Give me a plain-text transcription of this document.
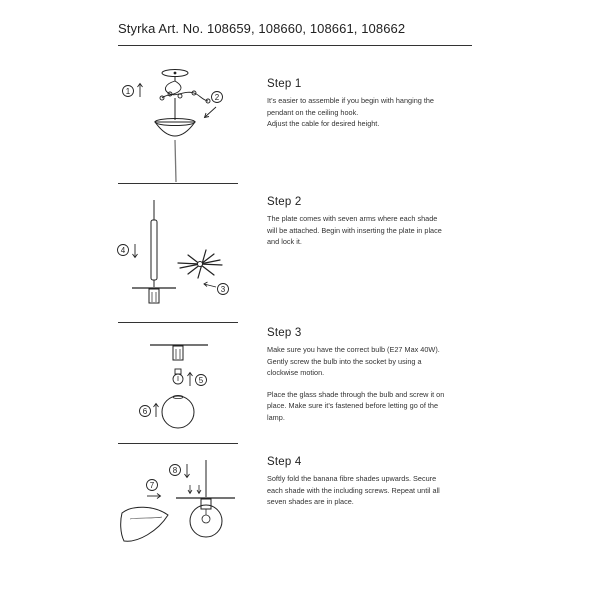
Styrka Art. No. 108659, 108660, 108661, 108662
Step 1

It’s easier to assemble if you begin with hanging the
pendant on the ceiling hook.
Adjust the cable for desired height.

1
2
Step 2

The plate comes with seven arms where each shade
will be attached. Begin with inserting the plate in place
and lock it.

4
3
Step 3

Make sure you have the correct bulb (E27 Max 40W).
Gently screw the bulb into the socket by using a
clockwise motion.

Place the glass shade through the bulb and screw it on
place. Make sure it’s fastened before letting go of the
lamp.

5
6
Step 4

Softly fold the banana fibre shades upwards. Secure
each shade with the including screws. Repeat until all
seven shades are in place.

8
7
